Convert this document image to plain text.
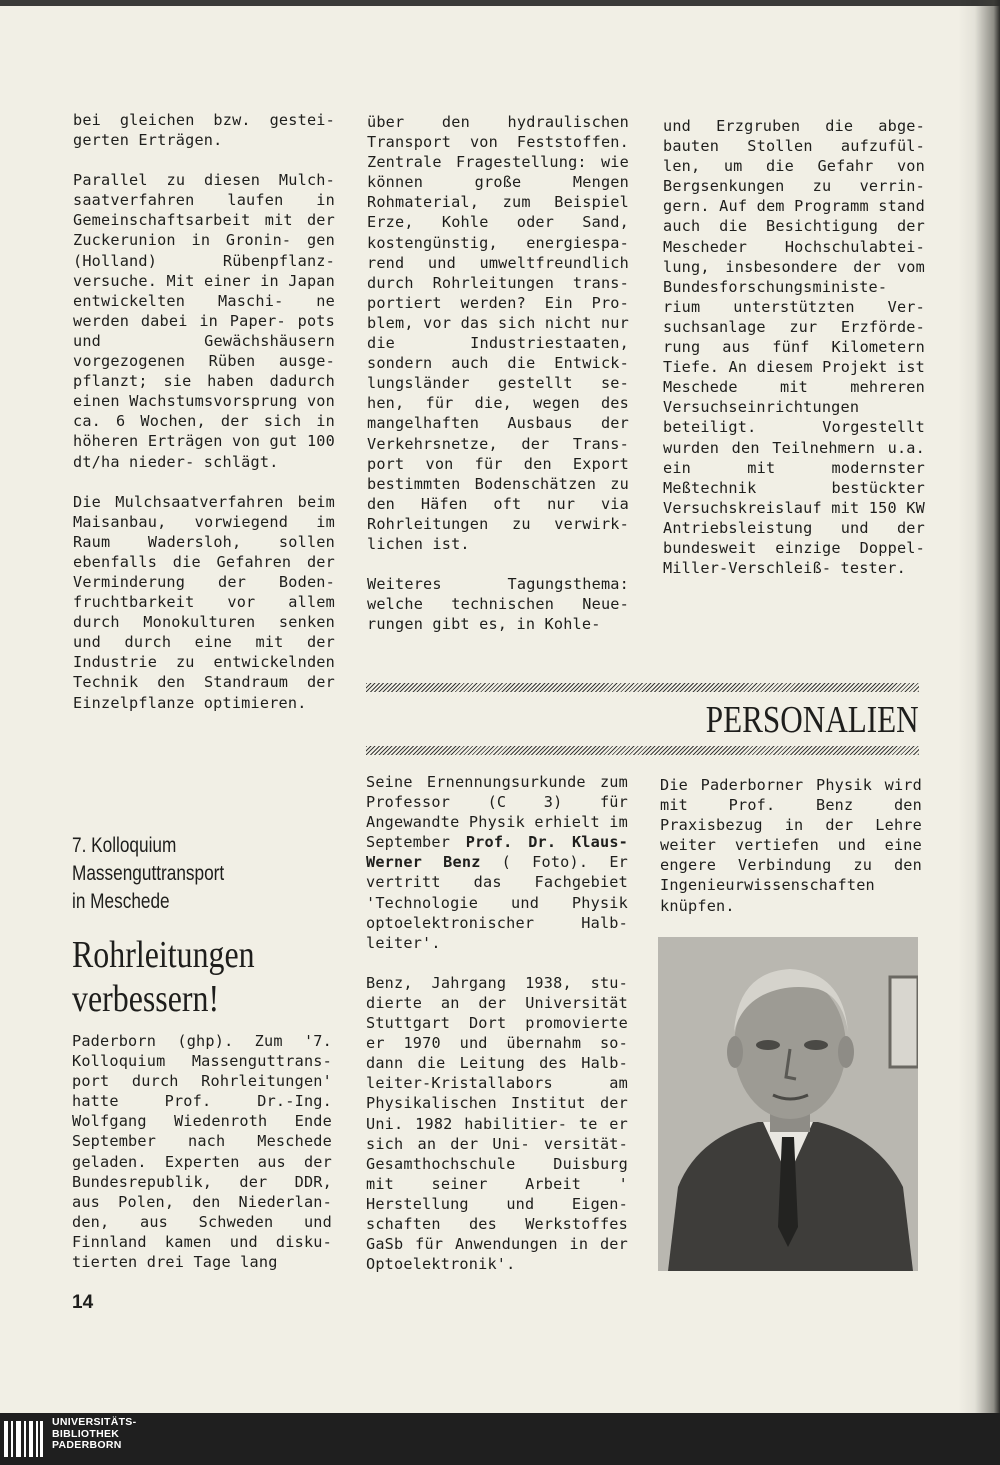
bei gleichen bzw. gestei- gerten Erträgen.

Parallel zu diesen Mulch- saatverfahren laufen in Gemeinschaftsarbeit mit der Zuckerunion in Gronin- gen (Holland) Rübenpflanz- versuche. Mit einer in Japan entwickelten Maschi- ne werden dabei in Paper- pots und Gewächshäusern vorgezogenen Rüben ausge- pflanzt; sie haben dadurch einen Wachstumsvorsprung von ca. 6 Wochen, der sich in höheren Erträgen von gut 100 dt/ha nieder- schlägt.

Die Mulchsaatverfahren beim Maisanbau, vorwiegend im Raum Wadersloh, sollen ebenfalls die Gefahren der Verminderung der Boden- fruchtbarkeit vor allem durch Monokulturen senken und durch eine mit der Industrie zu entwickelnden Technik den Standraum der Einzelpflanze optimieren.

über den hydraulischen Transport von Feststoffen. Zentrale Fragestellung: wie können große Mengen Rohmaterial, zum Beispiel Erze, Kohle oder Sand, kostengünstig, energiespa- rend und umweltfreundlich durch Rohrleitungen trans- portiert werden? Ein Pro- blem, vor das sich nicht nur die Industriestaaten, sondern auch die Entwick- lungsländer gestellt se- hen, für die, wegen des mangelhaften Ausbaus der Verkehrsnetze, der Trans- port von für den Export bestimmten Bodenschätzen zu den Häfen oft nur via Rohrleitungen zu verwirk- lichen ist.

Weiteres Tagungsthema: welche technischen Neue- rungen gibt es, in Kohle-

und Erzgruben die abge- bauten Stollen aufzufül- len, um die Gefahr von Bergsenkungen zu verrin- gern. Auf dem Programm stand auch die Besichtigung der Mescheder Hochschulabtei- lung, insbesondere der vom Bundesforschungsministe- rium unterstützten Ver- suchsanlage zur Erzförde- rung aus fünf Kilometern Tiefe. An diesem Projekt ist Meschede mit mehreren Versuchseinrichtungen beteiligt. Vorgestellt wurden den Teilnehmern u.a. ein mit modernster Meßtechnik bestückter Versuchskreislauf mit 150 KW Antriebsleistung und der bundesweit einzige Doppel-Miller-Verschleiß- tester.

7. Kolloquium
Massenguttransport
in Meschede
Rohrleitungen
verbessern!

Paderborn (ghp). Zum '7. Kolloquium Massenguttrans- port durch Rohrleitungen' hatte Prof. Dr.-Ing. Wolfgang Wiedenroth Ende September nach Meschede geladen. Experten aus der Bundesrepublik, der DDR, aus Polen, den Niederlan- den, aus Schweden und Finnland kamen und disku- tierten drei Tage lang

PERSONALIEN

Seine Ernennungsurkunde zum Professor (C 3) für Angewandte Physik erhielt im September Prof. Dr. Klaus-Werner Benz ( Foto). Er vertritt das Fachgebiet 'Technologie und Physik optoelektronischer Halb- leiter'.

Benz, Jahrgang 1938, stu- dierte an der Universität Stuttgart Dort promovierte er 1970 und übernahm so- dann die Leitung des Halb- leiter-Kristallabors am Physikalischen Institut der Uni. 1982 habilitier- te er sich an der Uni- versität-Gesamthochschule Duisburg mit seiner Arbeit ' Herstellung und Eigen- schaften des Werkstoffes GaSb für Anwendungen in der Optoelektronik'.

Die Paderborner Physik wird mit Prof. Benz den Praxisbezug in der Lehre weiter vertiefen und eine engere Verbindung zu den Ingenieurwissenschaften knüpfen.

14
UNIVERSITÄTS-
BIBLIOTHEK
PADERBORN
